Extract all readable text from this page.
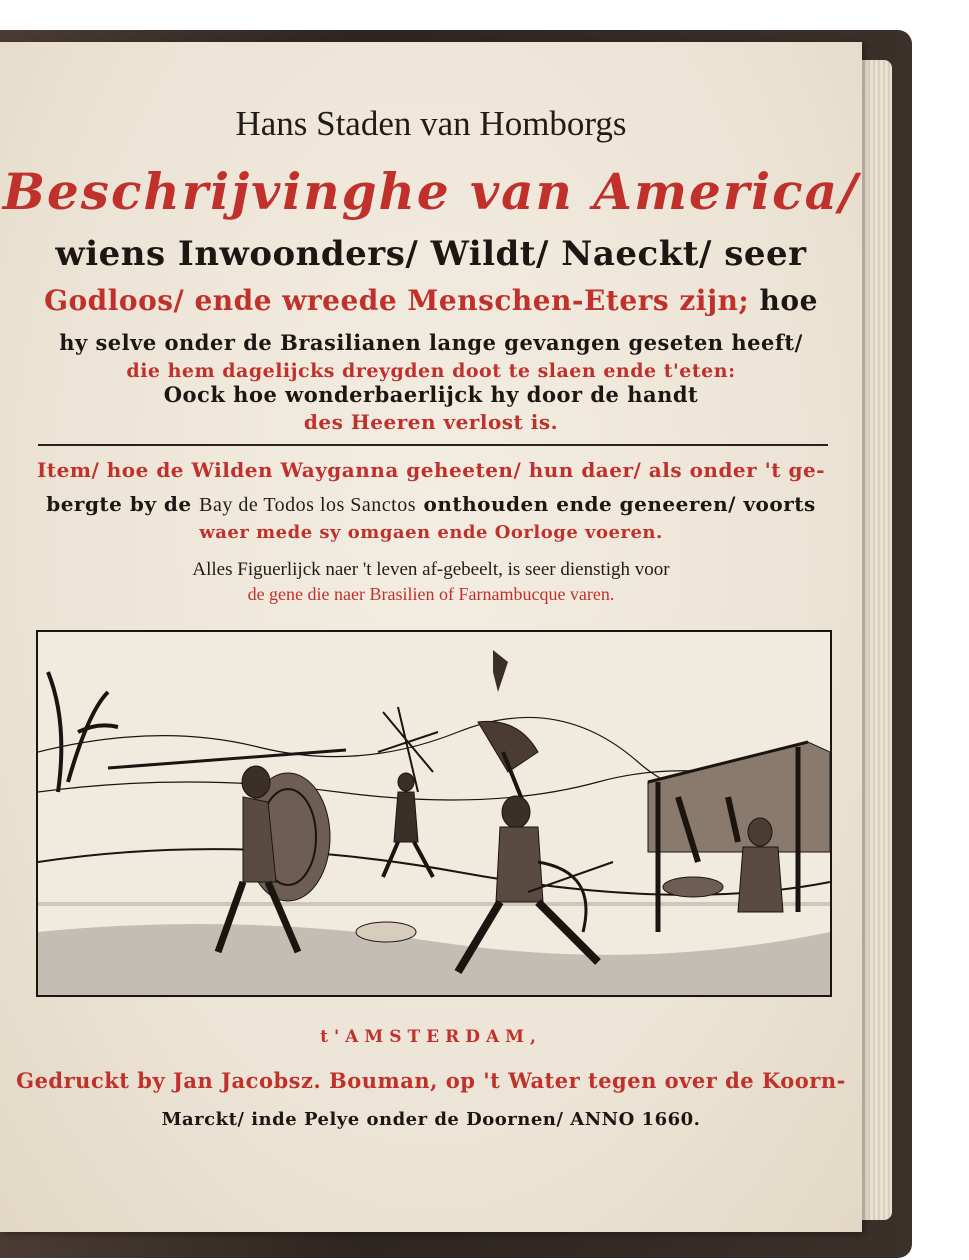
Hans Staden van Homborgs
Beschrijvinghe van America/
wiens Inwoonders/ Wildt/ Naeckt/ seer
Godloos/ ende wreede Menschen-Eters zijn; hoe
hy selve onder de Brasilianen lange gevangen geseten heeft/
die hem dagelijcks dreygden doot te slaen ende t'eten:
Oock hoe wonderbaerlijck hy door de handt
des Heeren verlost is.
Item/ hoe de Wilden Wayganna geheeten/ hun daer/ als onder 't ge-
bergte by de Bay de Todos los Sanctos onthouden ende geneeren/ voorts
waer mede sy omgaen ende Oorloge voeren.
Alles Figuerlijck naer 't leven af-gebeelt, is seer dienstigh voor
de gene die naer Brasilien of Farnambucque varen.
t'AMSTERDAM,
Gedruckt by Jan Jacobsz. Bouman, op 't Water tegen over de Koorn-
Marckt/ inde Pelye onder de Doornen/ ANNO 1660.
